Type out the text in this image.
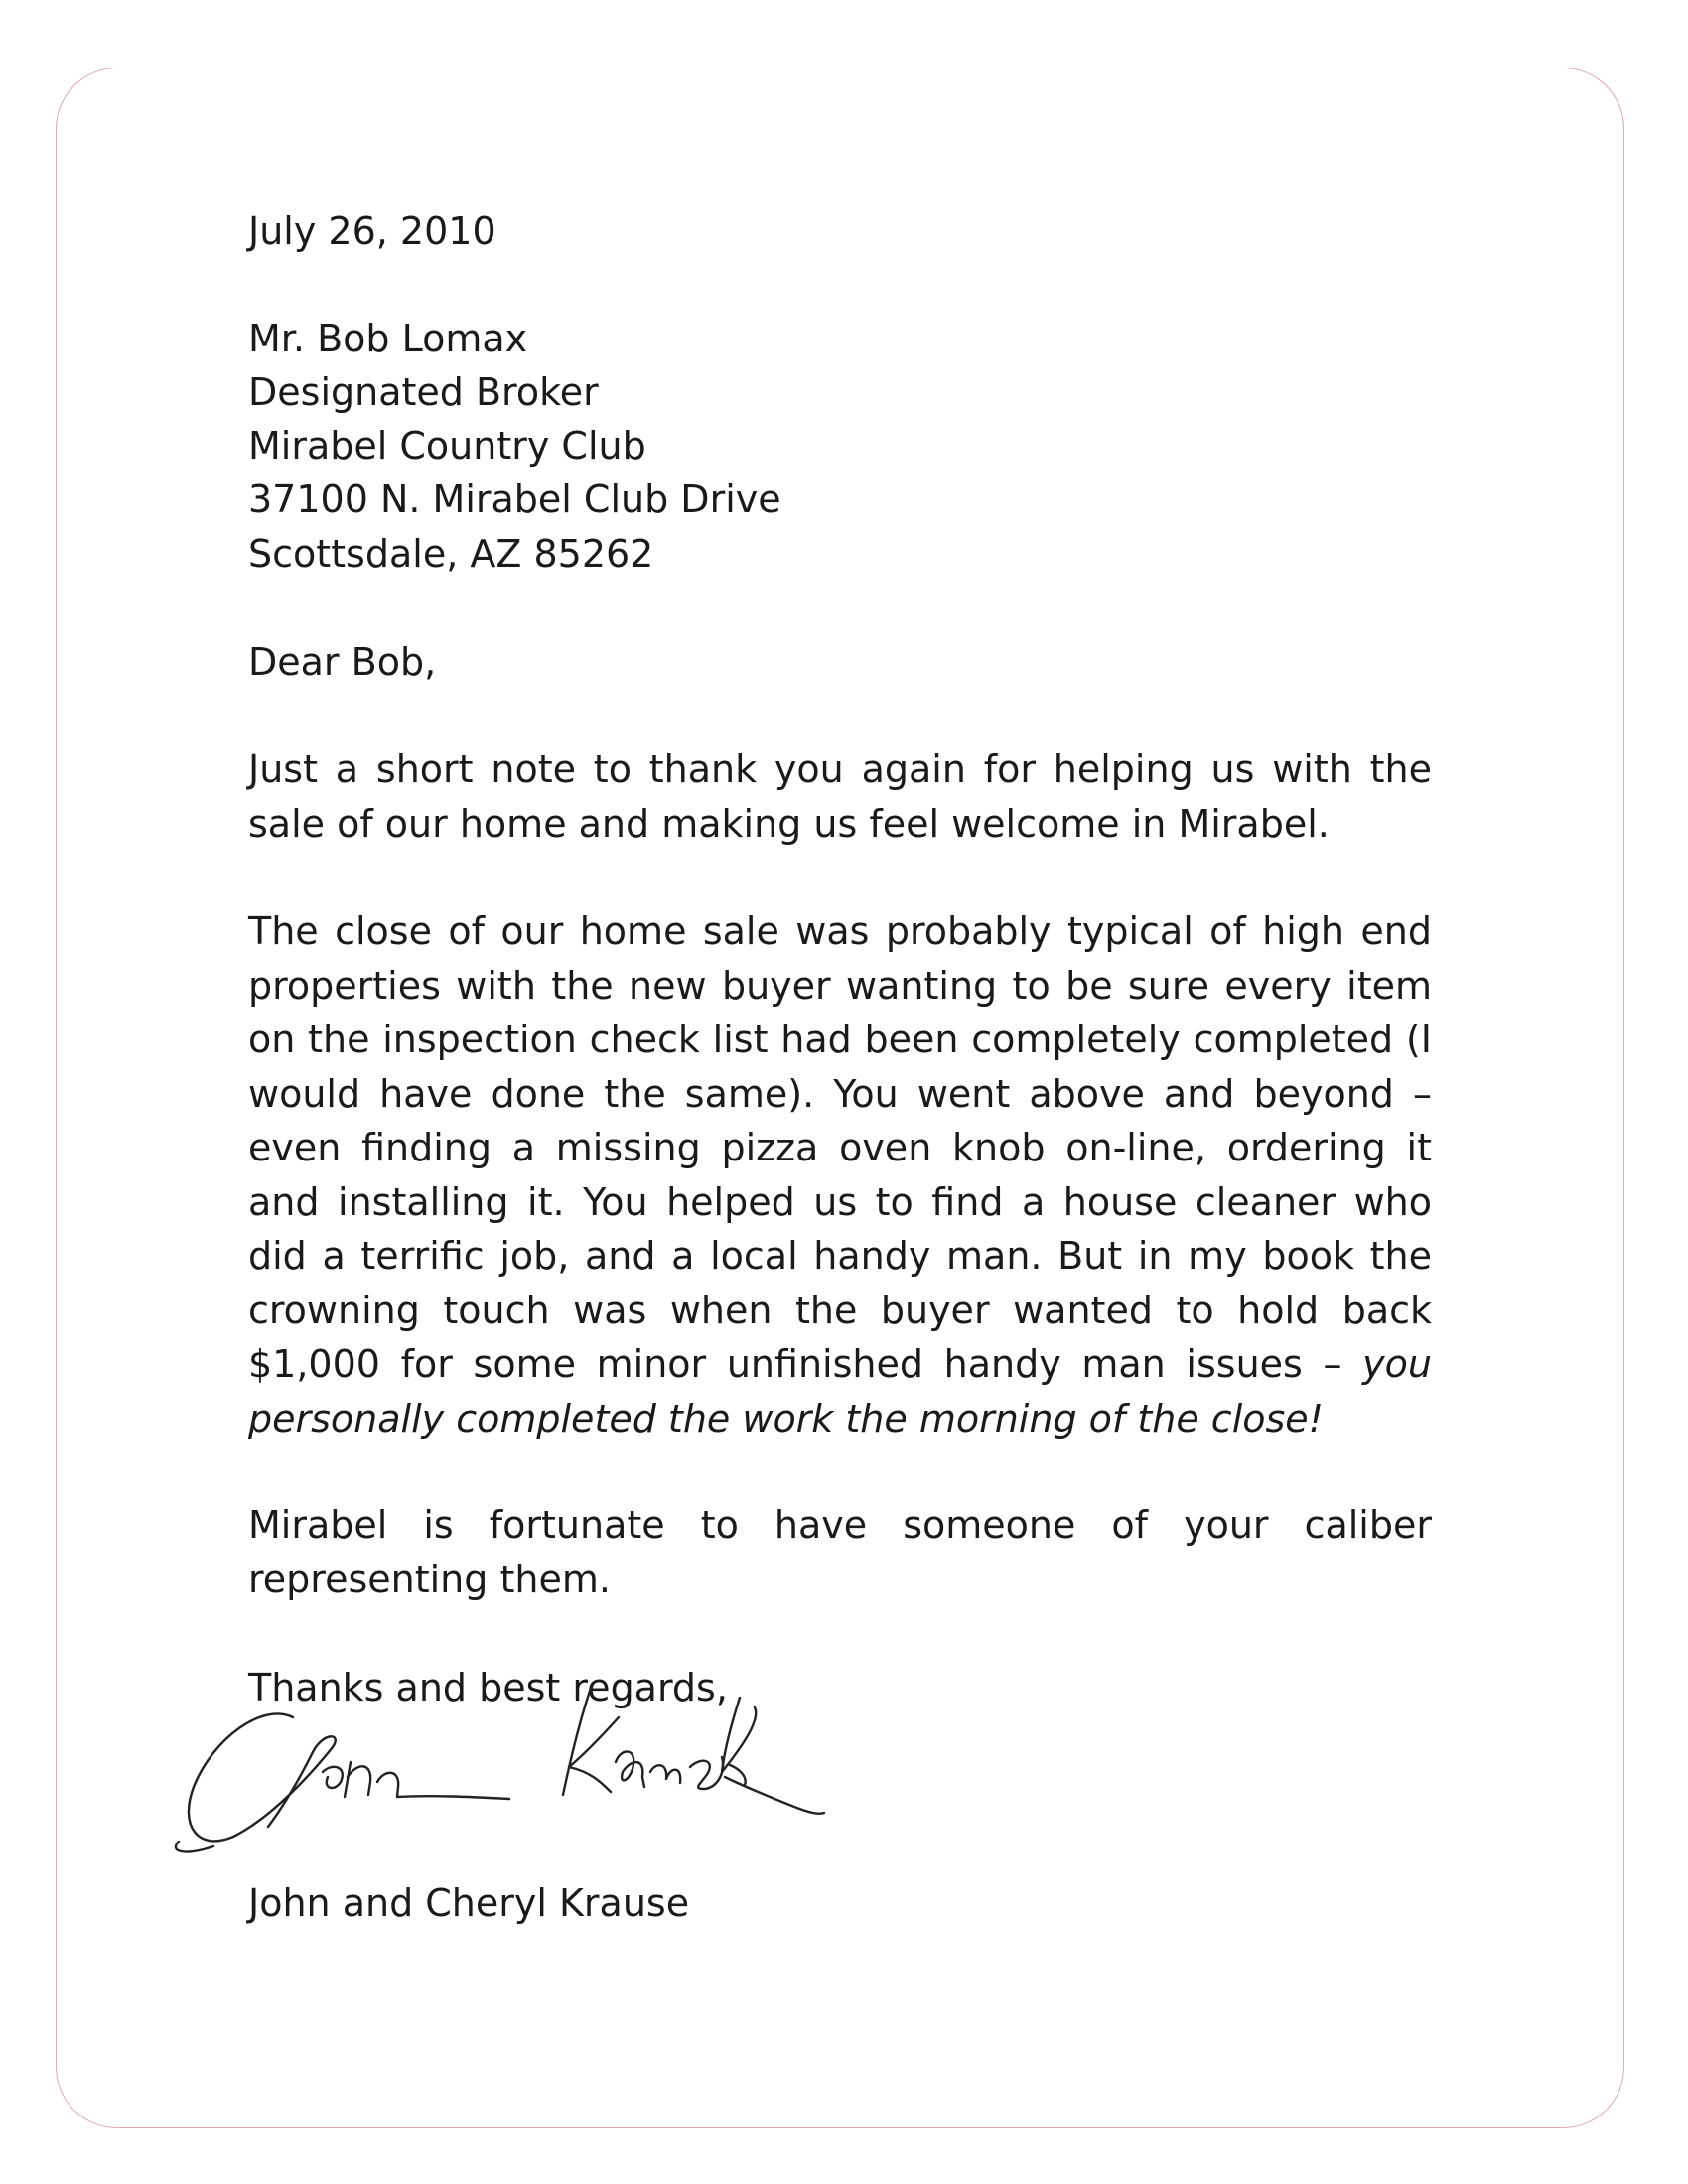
July 26, 2010
Mr. Bob Lomax
Designated Broker
Mirabel Country Club
37100 N. Mirabel Club Drive
Scottsdale, AZ 85262
Dear Bob,
Just a short note to thank you again for helping us with the sale of our home and making us feel welcome in Mirabel.
The close of our home sale was probably typical of high end properties with the new buyer wanting to be sure every item on the inspection check list had been completely completed (I would have done the same). You went above and beyond – even finding a missing pizza oven knob on-line, ordering it and installing it. You helped us to find a house cleaner who did a terrific job, and a local handy man. But in my book the crowning touch was when the buyer wanted to hold back $1,000 for some minor unfinished handy man issues – you personally completed the work the morning of the close!
Mirabel is fortunate to have someone of your caliber representing them.
Thanks and best regards,
John and Cheryl Krause
